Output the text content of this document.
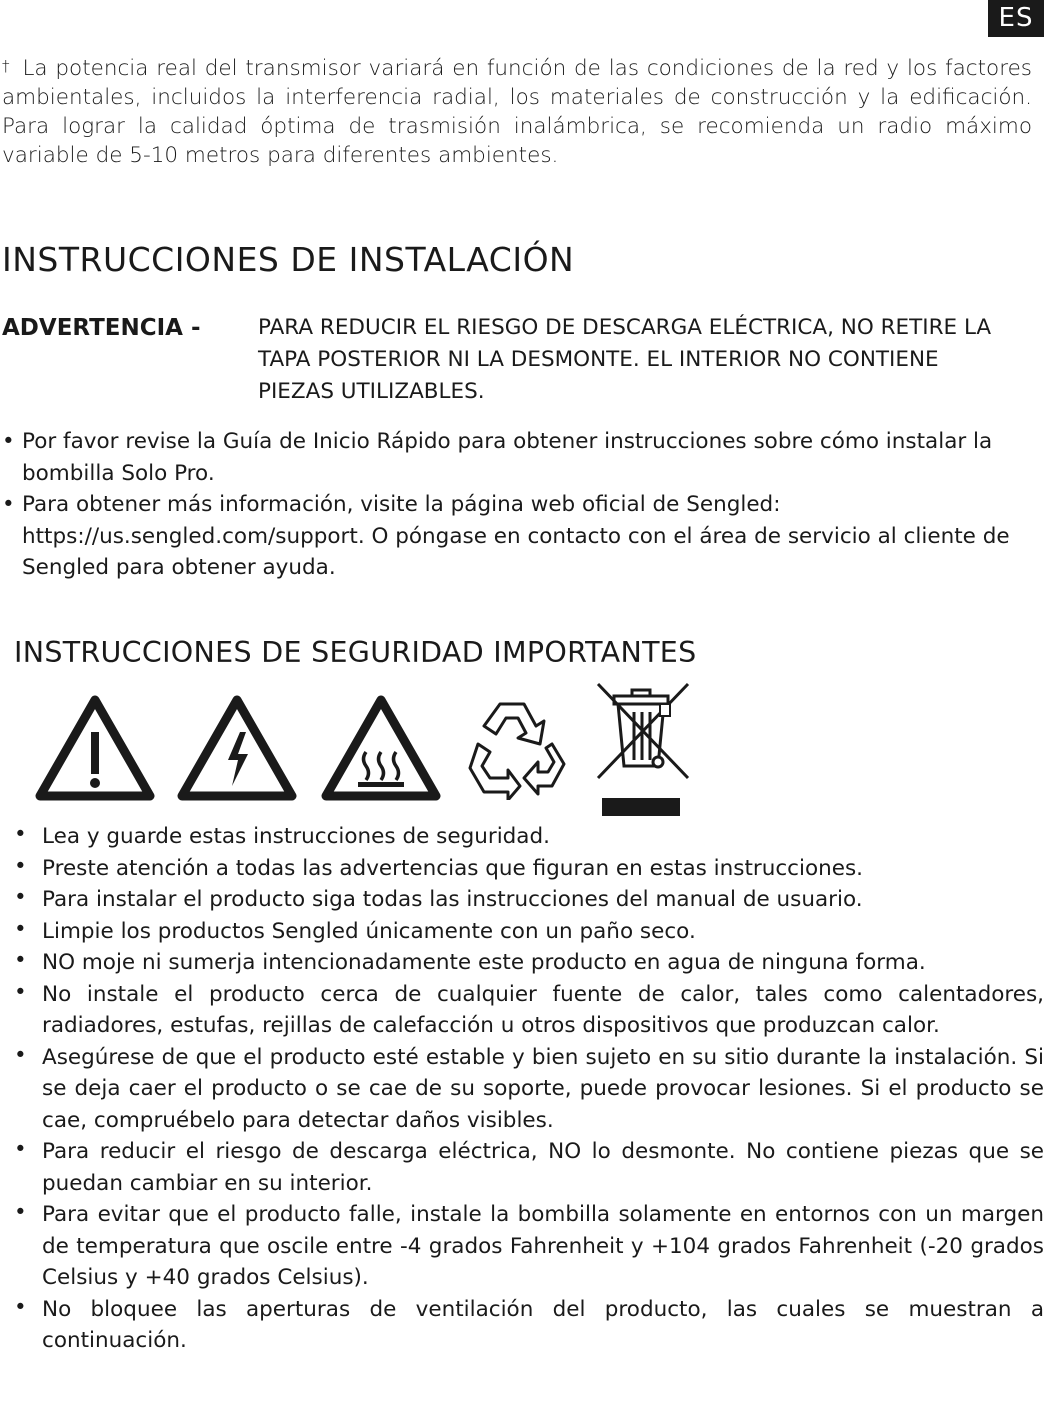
ES
† La potencia real del transmisor variará en función de las condiciones de la red y los factores ambientales, incluidos la interferencia radial, los materiales de construcción y la edificación. Para lograr la calidad óptima de trasmisión inalámbrica, se recomienda un radio máximo variable de 5-10 metros para diferentes ambientes.
INSTRUCCIONES DE INSTALACIÓN
ADVERTENCIA -	PARA REDUCIR EL RIESGO DE DESCARGA ELÉCTRICA, NO RETIRE LA TAPA POSTERIOR NI LA DESMONTE. EL INTERIOR NO CONTIENE PIEZAS UTILIZABLES.
• Por favor revise la Guía de Inicio Rápido para obtener instrucciones sobre cómo instalar la bombilla Solo Pro.
• Para obtener más información, visite la página web oficial de Sengled: https://us.sengled.com/support. O póngase en contacto con el área de servicio al cliente de Sengled para obtener ayuda.
INSTRUCCIONES DE SEGURIDAD IMPORTANTES
• Lea y guarde estas instrucciones de seguridad.
• Preste atención a todas las advertencias que figuran en estas instrucciones.
• Para instalar el producto siga todas las instrucciones del manual de usuario.
• Limpie los productos Sengled únicamente con un paño seco.
• NO moje ni sumerja intencionadamente este producto en agua de ninguna forma.
• No instale el producto cerca de cualquier fuente de calor, tales como calentadores, radiadores, estufas, rejillas de calefacción u otros dispositivos que produzcan calor.
• Asegúrese de que el producto esté estable y bien sujeto en su sitio durante la instalación. Si se deja caer el producto o se cae de su soporte, puede provocar lesiones. Si el producto se cae, compruébelo para detectar daños visibles.
• Para reducir el riesgo de descarga eléctrica, NO lo desmonte. No contiene piezas que se puedan cambiar en su interior.
• Para evitar que el producto falle, instale la bombilla solamente en entornos con un margen de temperatura que oscile entre -4 grados Fahrenheit y +104 grados Fahrenheit (-20 grados Celsius y +40 grados Celsius).
• No bloquee las aperturas de ventilación del producto, las cuales se muestran a continuación.
